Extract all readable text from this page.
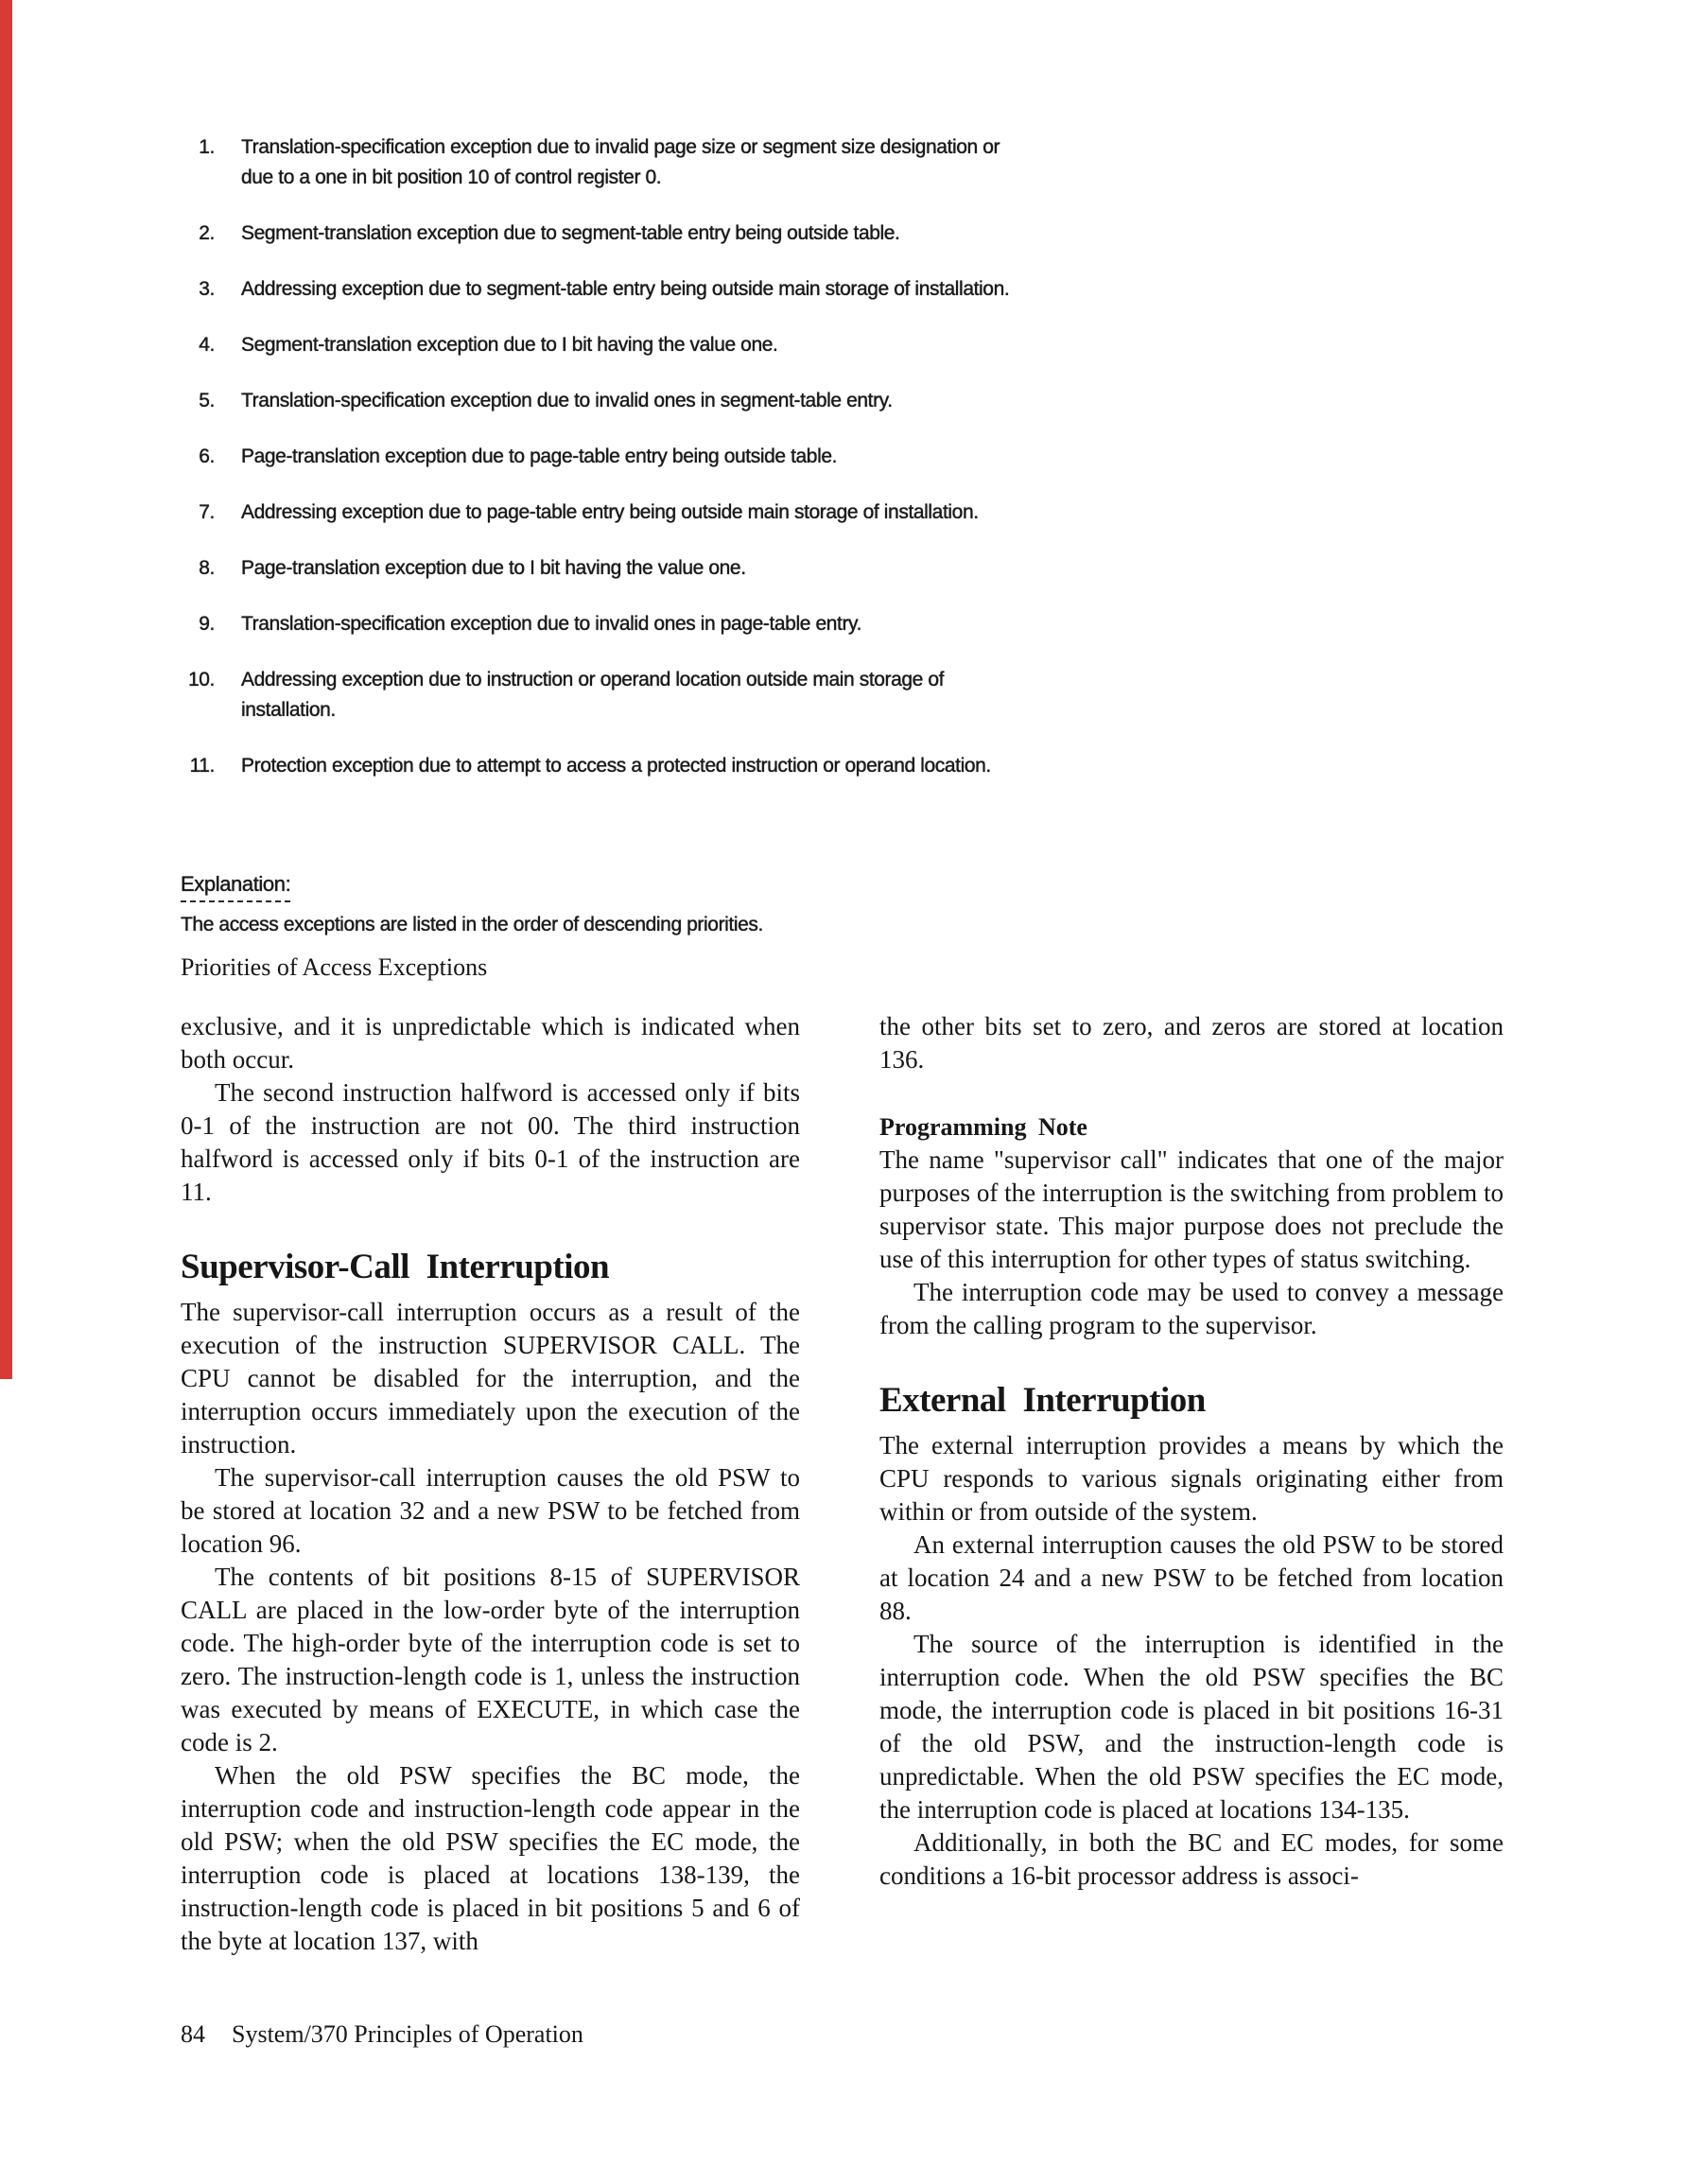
1. Translation-specification exception due to invalid page size or segment size designation or due to a one in bit position 10 of control register 0.
2. Segment-translation exception due to segment-table entry being outside table.
3. Addressing exception due to segment-table entry being outside main storage of installation.
4. Segment-translation exception due to I bit having the value one.
5. Translation-specification exception due to invalid ones in segment-table entry.
6. Page-translation exception due to page-table entry being outside table.
7. Addressing exception due to page-table entry being outside main storage of installation.
8. Page-translation exception due to I bit having the value one.
9. Translation-specification exception due to invalid ones in page-table entry.
10. Addressing exception due to instruction or operand location outside main storage of installation.
11. Protection exception due to attempt to access a protected instruction or operand location.
Explanation:
The access exceptions are listed in the order of descending priorities.
Priorities of Access Exceptions

exclusive, and it is unpredictable which is indicated when both occur.

The second instruction halfword is accessed only if bits 0-1 of the instruction are not 00. The third instruction halfword is accessed only if bits 0-1 of the instruction are 11.

Supervisor-Call Interruption

The supervisor-call interruption occurs as a result of the execution of the instruction SUPERVISOR CALL. The CPU cannot be disabled for the interruption, and the interruption occurs immediately upon the execution of the instruction.

The supervisor-call interruption causes the old PSW to be stored at location 32 and a new PSW to be fetched from location 96.

The contents of bit positions 8-15 of SUPERVISOR CALL are placed in the low-order byte of the interruption code. The high-order byte of the interruption code is set to zero. The instruction-length code is 1, unless the instruction was executed by means of EXECUTE, in which case the code is 2.

When the old PSW specifies the BC mode, the interruption code and instruction-length code appear in the old PSW; when the old PSW specifies the EC mode, the interruption code is placed at locations 138-139, the instruction-length code is placed in bit positions 5 and 6 of the byte at location 137, with

the other bits set to zero, and zeros are stored at location 136.

Programming Note

The name "supervisor call" indicates that one of the major purposes of the interruption is the switching from problem to supervisor state. This major purpose does not preclude the use of this interruption for other types of status switching.

The interruption code may be used to convey a message from the calling program to the supervisor.

External Interruption

The external interruption provides a means by which the CPU responds to various signals originating either from within or from outside of the system.

An external interruption causes the old PSW to be stored at location 24 and a new PSW to be fetched from location 88.

The source of the interruption is identified in the interruption code. When the old PSW specifies the BC mode, the interruption code is placed in bit positions 16-31 of the old PSW, and the instruction-length code is unpredictable. When the old PSW specifies the EC mode, the interruption code is placed at locations 134-135.

Additionally, in both the BC and EC modes, for some conditions a 16-bit processor address is associ-

84 System/370 Principles of Operation
